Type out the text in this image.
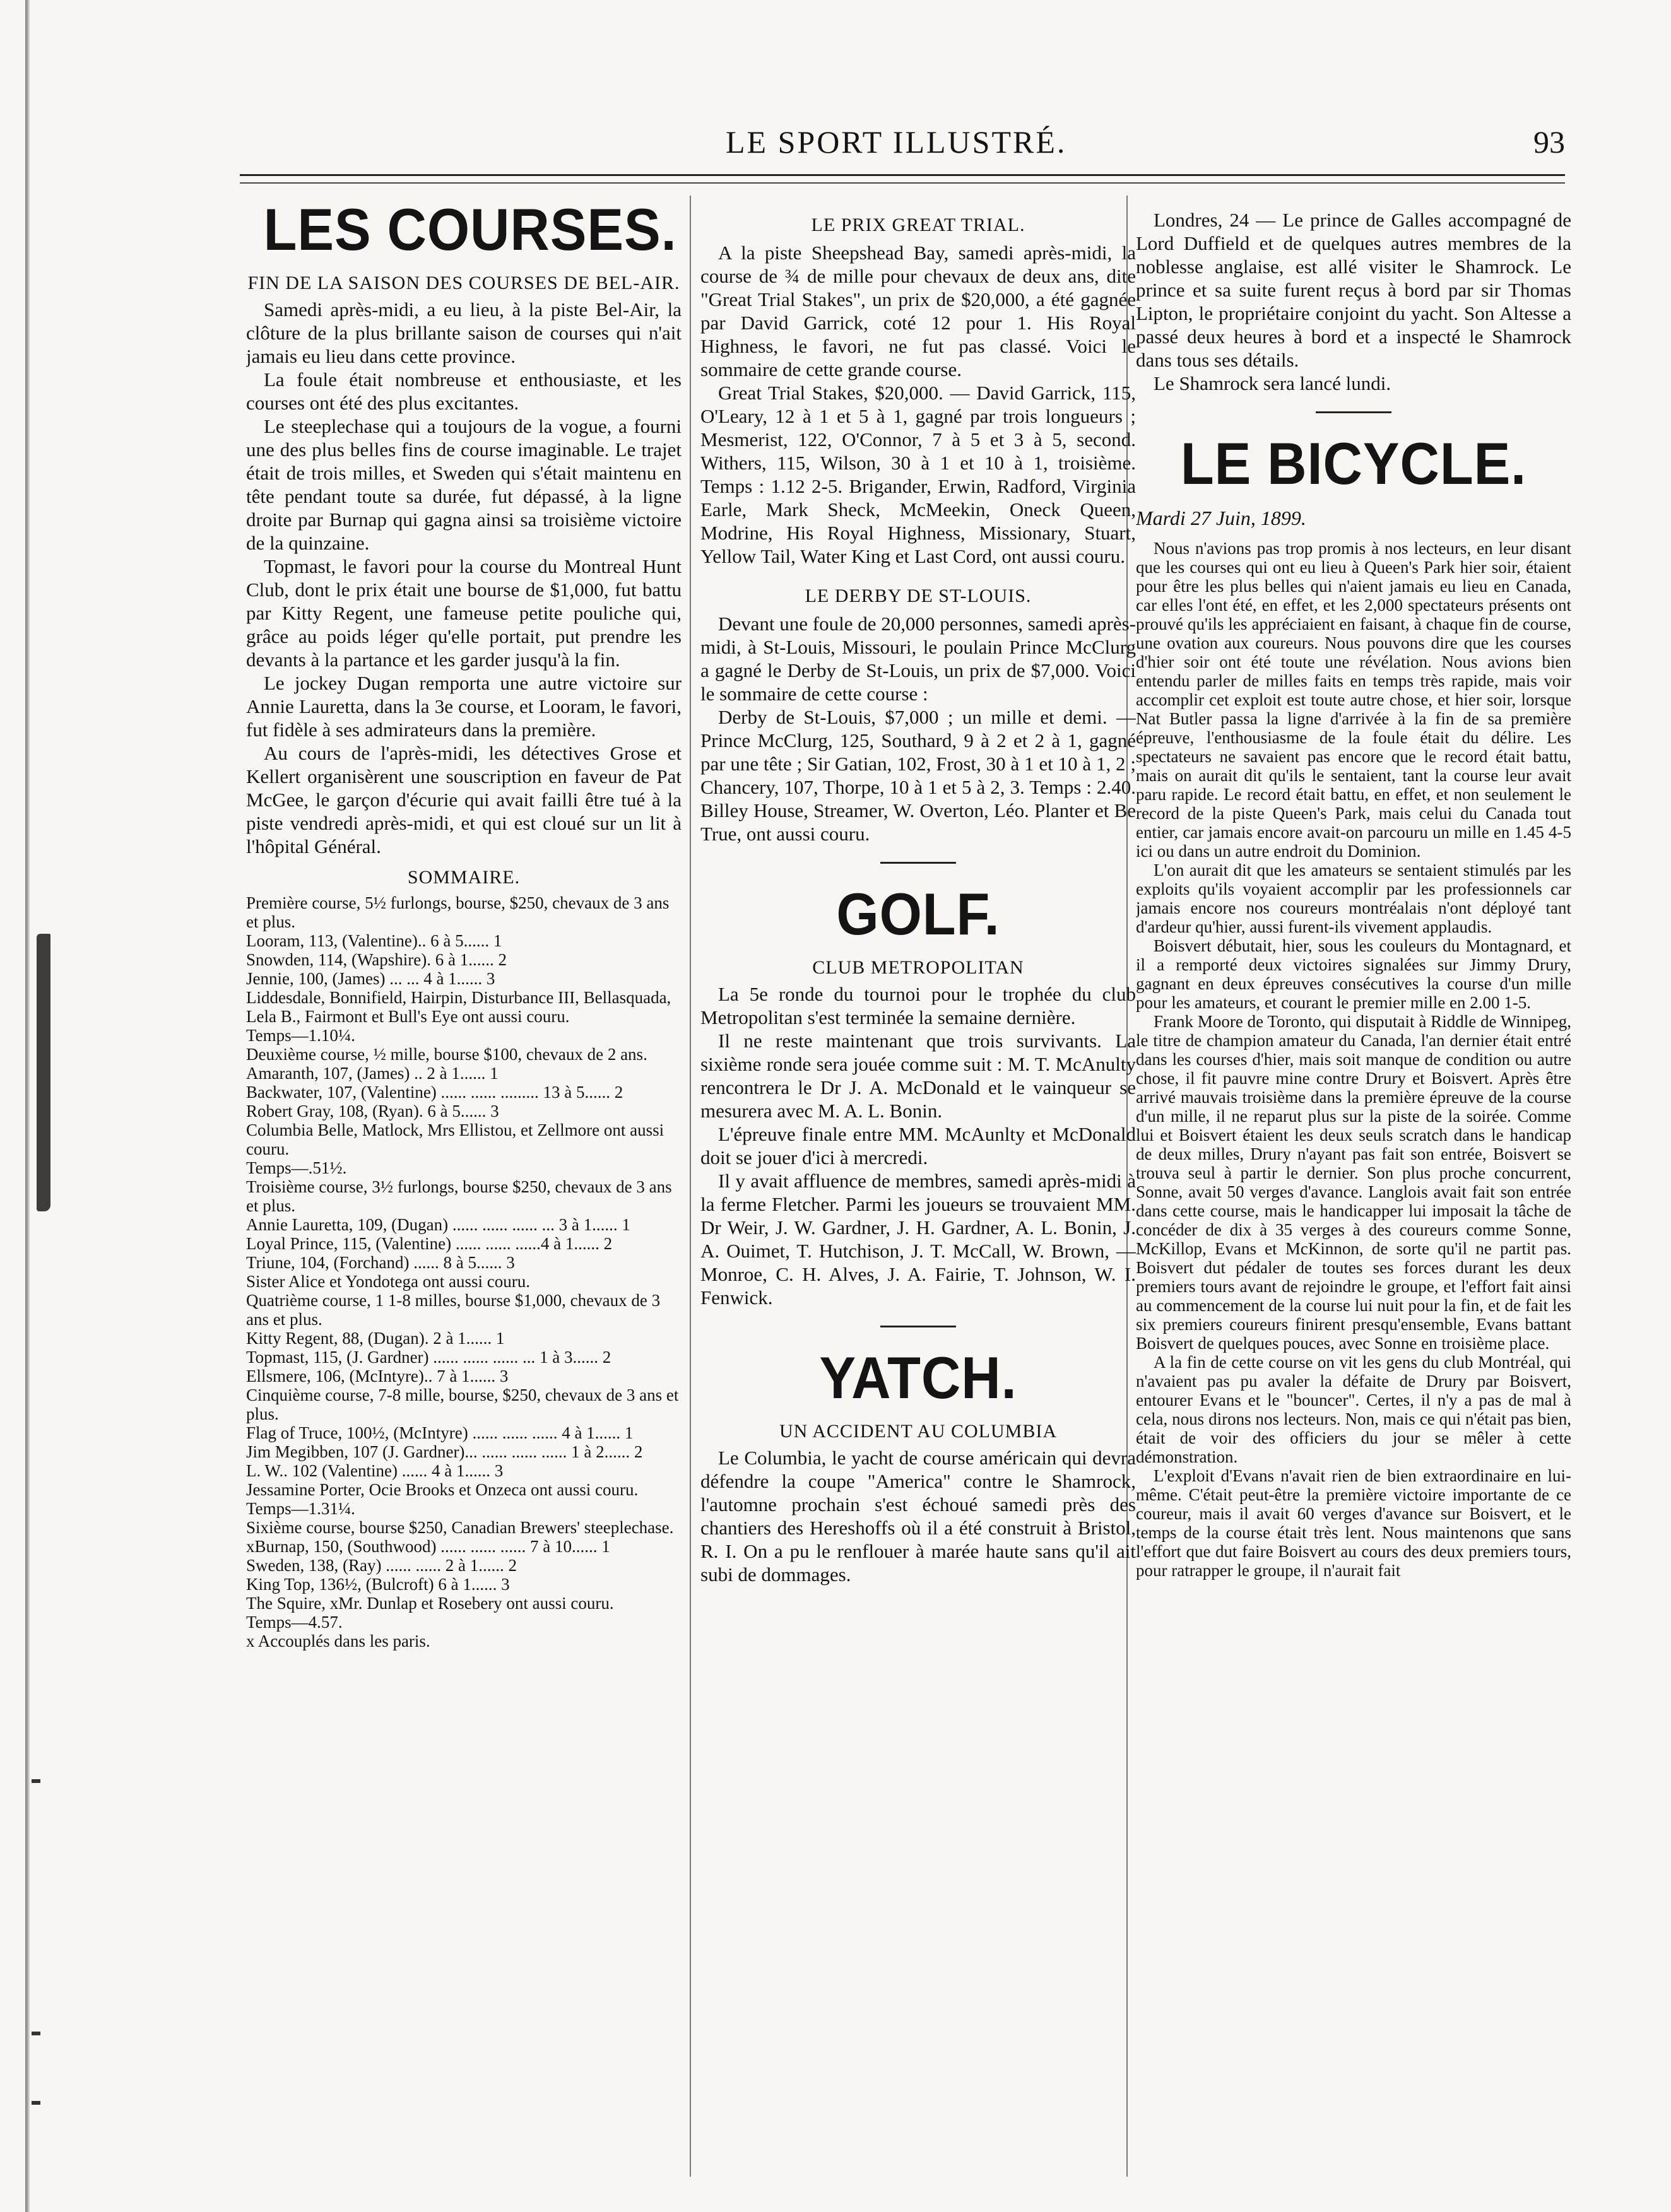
LE SPORT ILLUSTRÉ.	93
LES COURSES.
FIN DE LA SAISON DES COURSES DE BEL-AIR.

Samedi après-midi, a eu lieu, à la piste Bel-Air, la clôture de la plus brillante saison de courses qui n'ait jamais eu lieu dans cette province.

La foule était nombreuse et enthousiaste, et les courses ont été des plus excitantes.

Le steeplechase qui a toujours de la vogue, a fourni une des plus belles fins de course imaginable. Le trajet était de trois milles, et Sweden qui s'était maintenu en tête pendant toute sa durée, fut dépassé, à la ligne droite par Burnap qui gagna ainsi sa troisième victoire de la quinzaine.

Topmast, le favori pour la course du Montreal Hunt Club, dont le prix était une bourse de $1,000, fut battu par Kitty Regent, une fameuse petite pouliche qui, grâce au poids léger qu'elle portait, put prendre les devants à la partance et les garder jusqu'à la fin.

Le jockey Dugan remporta une autre victoire sur Annie Lauretta, dans la 3e course, et Looram, le favori, fut fidèle à ses admirateurs dans la première.

Au cours de l'après-midi, les détectives Grose et Kellert organisèrent une souscription en faveur de Pat McGee, le garçon d'écurie qui avait failli être tué à la piste vendredi après-midi, et qui est cloué sur un lit à l'hôpital Général.

SOMMAIRE.
Première course, 5½ furlongs, bourse, $250, chevaux de 3 ans et plus.
Looram, 113, (Valentine).. 6 à 5...... 1
Snowden, 114, (Wapshire). 6 à 1...... 2
Jennie, 100, (James) ... ... 4 à 1...... 3
Liddesdale, Bonnifield, Hairpin, Disturbance III, Bellasquada, Lela B., Fairmont et Bull's Eye ont aussi couru.
Temps—1.10¼.
Deuxième course, ½ mille, bourse $100, chevaux de 2 ans.
Amaranth, 107, (James) .. 2 à 1...... 1
Backwater, 107, (Valentine) ...... ...... ......... 13 à 5...... 2
Robert Gray, 108, (Ryan). 6 à 5...... 3
Columbia Belle, Matlock, Mrs Ellistou, et Zellmore ont aussi couru.
Temps—.51½.
Troisième course, 3½ furlongs, bourse $250, chevaux de 3 ans et plus.
Annie Lauretta, 109, (Dugan) ...... ...... ...... ... 3 à 1...... 1
Loyal Prince, 115, (Valentine) ...... ...... ......4 à 1...... 2
Triune, 104, (Forchand) ...... 8 à 5...... 3
Sister Alice et Yondotega ont aussi couru.
Quatrième course, 1 1-8 milles, bourse $1,000, chevaux de 3 ans et plus.
Kitty Regent, 88, (Dugan). 2 à 1...... 1
Topmast, 115, (J. Gardner) ...... ...... ...... ... 1 à 3...... 2
Ellsmere, 106, (McIntyre).. 7 à 1...... 3
Cinquième course, 7-8 mille, bourse, $250, chevaux de 3 ans et plus.
Flag of Truce, 100½, (McIntyre) ...... ...... ...... 4 à 1...... 1
Jim Megibben, 107 (J. Gardner)... ...... ...... ...... 1 à 2...... 2
L. W.. 102 (Valentine) ...... 4 à 1...... 3
Jessamine Porter, Ocie Brooks et Onzeca ont aussi couru.
Temps—1.31¼.
Sixième course, bourse $250, Canadian Brewers' steeplechase.
xBurnap, 150, (Southwood) ...... ...... ...... 7 à 10...... 1
Sweden, 138, (Ray) ...... ...... 2 à 1...... 2
King Top, 136½, (Bulcroft) 6 à 1...... 3
The Squire, xMr. Dunlap et Rosebery ont aussi couru.
Temps—4.57.
x Accouplés dans les paris.
LE PRIX GREAT TRIAL.

A la piste Sheepshead Bay, samedi après-midi, la course de ¾ de mille pour chevaux de deux ans, dite "Great Trial Stakes", un prix de $20,000, a été gagnée par David Garrick, coté 12 pour 1. His Royal Highness, le favori, ne fut pas classé. Voici le sommaire de cette grande course.

Great Trial Stakes, $20,000. — David Garrick, 115, O'Leary, 12 à 1 et 5 à 1, gagné par trois longueurs ; Mesmerist, 122, O'Connor, 7 à 5 et 3 à 5, second. Withers, 115, Wilson, 30 à 1 et 10 à 1, troisième. Temps : 1.12 2-5. Brigander, Erwin, Radford, Virginia Earle, Mark Sheck, McMeekin, Oneck Queen, Modrine, His Royal Highness, Missionary, Stuart, Yellow Tail, Water King et Last Cord, ont aussi couru.

LE DERBY DE ST-LOUIS.

Devant une foule de 20,000 personnes, samedi après-midi, à St-Louis, Missouri, le poulain Prince McClurg a gagné le Derby de St-Louis, un prix de $7,000. Voici le sommaire de cette course :

Derby de St-Louis, $7,000 ; un mille et demi. — Prince McClurg, 125, Southard, 9 à 2 et 2 à 1, gagné par une tête ; Sir Gatian, 102, Frost, 30 à 1 et 10 à 1, 2 ; Chancery, 107, Thorpe, 10 à 1 et 5 à 2, 3. Temps : 2.40. Billey House, Streamer, W. Overton, Léo. Planter et Be True, ont aussi couru.

GOLF.
CLUB METROPOLITAN

La 5e ronde du tournoi pour le trophée du club Metropolitan s'est terminée la semaine dernière.

Il ne reste maintenant que trois survivants. La sixième ronde sera jouée comme suit : M. T. McAnulty rencontrera le Dr J. A. McDonald et le vainqueur se mesurera avec M. A. L. Bonin.

L'épreuve finale entre MM. McAunlty et McDonald doit se jouer d'ici à mercredi.

Il y avait affluence de membres, samedi après-midi à la ferme Fletcher. Parmi les joueurs se trouvaient MM. Dr Weir, J. W. Gardner, J. H. Gardner, A. L. Bonin, J. A. Ouimet, T. Hutchison, J. T. McCall, W. Brown, — Monroe, C. H. Alves, J. A. Fairie, T. Johnson, W. I. Fenwick.

YATCH.
UN ACCIDENT AU COLUMBIA

Le Columbia, le yacht de course américain qui devra défendre la coupe "America" contre le Shamrock, l'automne prochain s'est échoué samedi près des chantiers des Hereshoffs où il a été construit à Bristol, R. I. On a pu le renflouer à marée haute sans qu'il ait subi de dommages.

Londres, 24 — Le prince de Galles accompagné de Lord Duffield et de quelques autres membres de la noblesse anglaise, est allé visiter le Shamrock. Le prince et sa suite furent reçus à bord par sir Thomas Lipton, le propriétaire conjoint du yacht. Son Altesse a passé deux heures à bord et a inspecté le Shamrock dans tous ses détails.

Le Shamrock sera lancé lundi.

LE BICYCLE.
Mardi 27 Juin, 1899.

Nous n'avions pas trop promis à nos lecteurs, en leur disant que les courses qui ont eu lieu à Queen's Park hier soir, étaient pour être les plus belles qui n'aient jamais eu lieu en Canada, car elles l'ont été, en effet, et les 2,000 spectateurs présents ont prouvé qu'ils les appréciaient en faisant, à chaque fin de course, une ovation aux coureurs. Nous pouvons dire que les courses d'hier soir ont été toute une révélation. Nous avions bien entendu parler de milles faits en temps très rapide, mais voir accomplir cet exploit est toute autre chose, et hier soir, lorsque Nat Butler passa la ligne d'arrivée à la fin de sa première épreuve, l'enthousiasme de la foule était du délire. Les spectateurs ne savaient pas encore que le record était battu, mais on aurait dit qu'ils le sentaient, tant la course leur avait paru rapide. Le record était battu, en effet, et non seulement le record de la piste Queen's Park, mais celui du Canada tout entier, car jamais encore avait-on parcouru un mille en 1.45 4-5 ici ou dans un autre endroit du Dominion.

L'on aurait dit que les amateurs se sentaient stimulés par les exploits qu'ils voyaient accomplir par les professionnels car jamais encore nos coureurs montréalais n'ont déployé tant d'ardeur qu'hier, aussi furent-ils vivement applaudis.

Boisvert débutait, hier, sous les couleurs du Montagnard, et il a remporté deux victoires signalées sur Jimmy Drury, gagnant en deux épreuves consécutives la course d'un mille pour les amateurs, et courant le premier mille en 2.00 1-5.

Frank Moore de Toronto, qui disputait à Riddle de Winnipeg, le titre de champion amateur du Canada, l'an dernier était entré dans les courses d'hier, mais soit manque de condition ou autre chose, il fit pauvre mine contre Drury et Boisvert. Après être arrivé mauvais troisième dans la première épreuve de la course d'un mille, il ne reparut plus sur la piste de la soirée. Comme lui et Boisvert étaient les deux seuls scratch dans le handicap de deux milles, Drury n'ayant pas fait son entrée, Boisvert se trouva seul à partir le dernier. Son plus proche concurrent, Sonne, avait 50 verges d'avance. Langlois avait fait son entrée dans cette course, mais le handicapper lui imposait la tâche de concéder de dix à 35 verges à des coureurs comme Sonne, McKillop, Evans et McKinnon, de sorte qu'il ne partit pas. Boisvert dut pédaler de toutes ses forces durant les deux premiers tours avant de rejoindre le groupe, et l'effort fait ainsi au commencement de la course lui nuit pour la fin, et de fait les six premiers coureurs finirent presqu'ensemble, Evans battant Boisvert de quelques pouces, avec Sonne en troisième place.

A la fin de cette course on vit les gens du club Montréal, qui n'avaient pas pu avaler la défaite de Drury par Boisvert, entourer Evans et le "bouncer". Certes, il n'y a pas de mal à cela, nous dirons nos lecteurs. Non, mais ce qui n'était pas bien, était de voir des officiers du jour se mêler à cette démonstration.

L'exploit d'Evans n'avait rien de bien extraordinaire en lui-même. C'était peut-être la première victoire importante de ce coureur, mais il avait 60 verges d'avance sur Boisvert, et le temps de la course était très lent. Nous maintenons que sans l'effort que dut faire Boisvert au cours des deux premiers tours, pour ratrapper le groupe, il n'aurait fait
